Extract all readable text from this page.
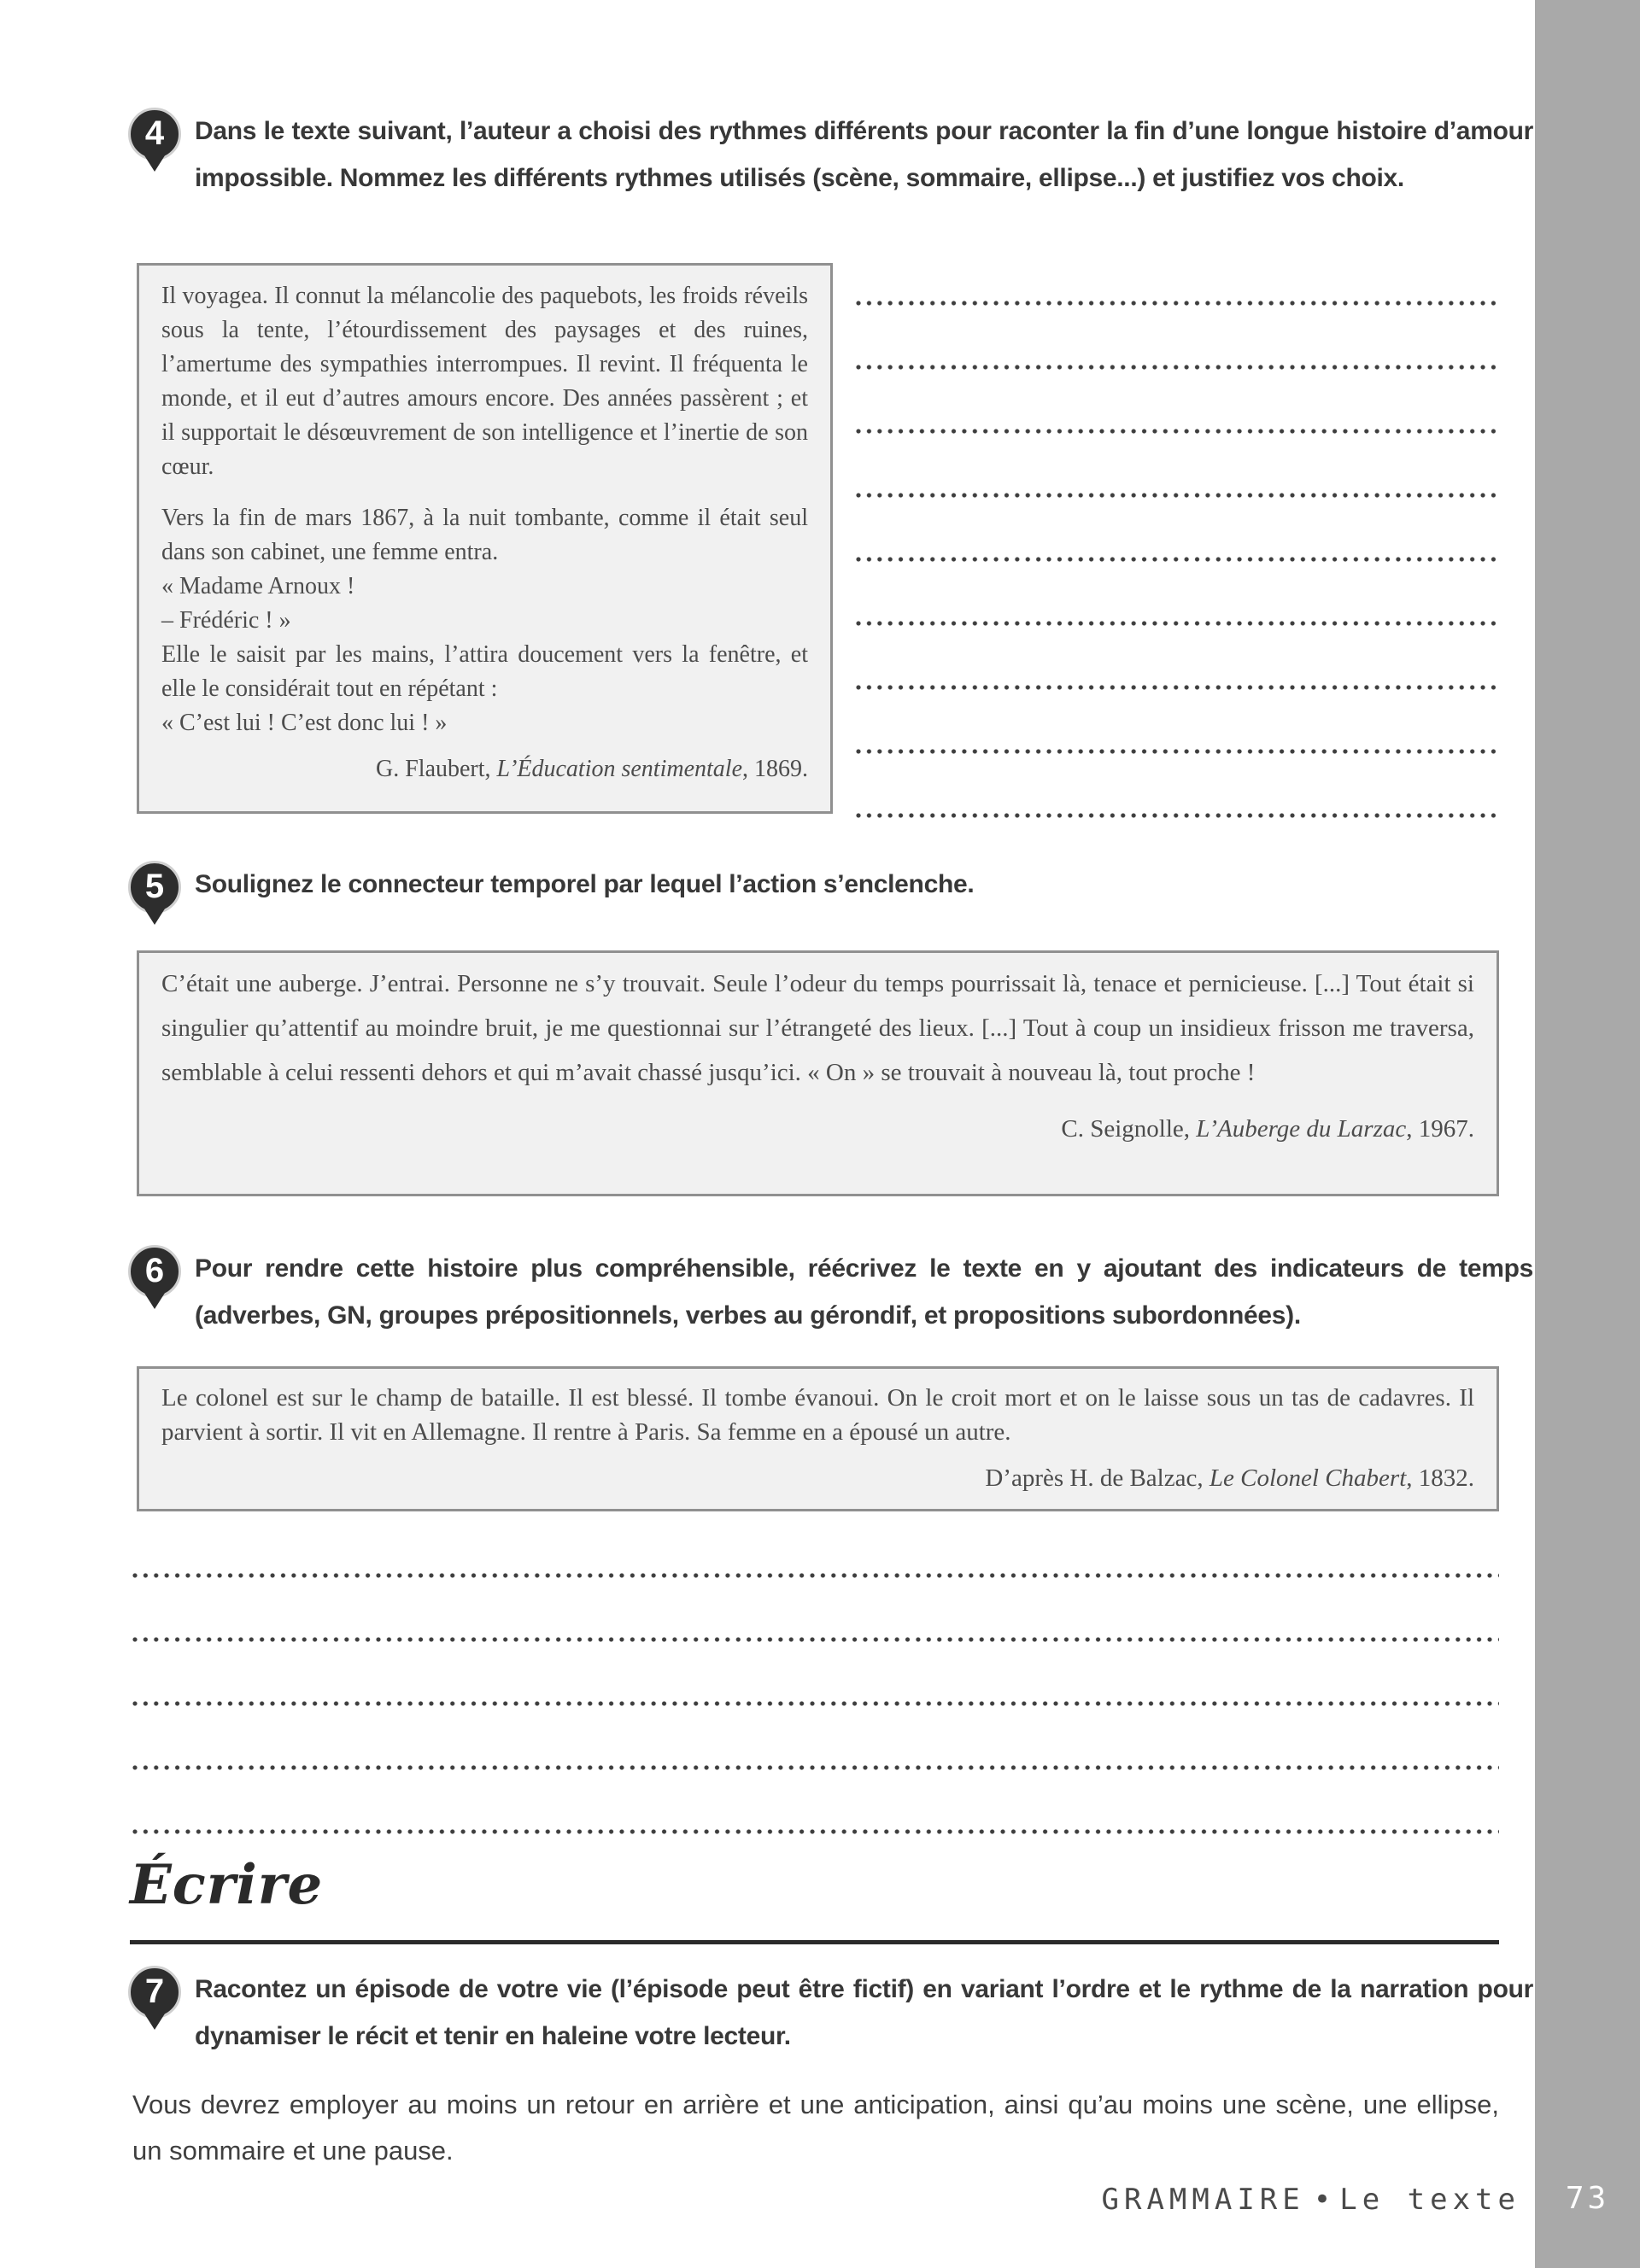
4	Dans le texte suivant, l’auteur a choisi des rythmes différents pour raconter la fin d’une longue histoire d’amour impossible. Nommez les différents rythmes utilisés (scène, sommaire, ellipse...) et justifiez vos choix.
Il voyagea. Il connut la mélancolie des paquebots, les froids réveils sous la tente, l’étourdissement des paysages et des ruines, l’amertume des sympathies interrompues. Il revint. Il fréquenta le monde, et il eut d’autres amours encore. Des années passèrent ; et il supportait le désœuvrement de son intelligence et l’inertie de son cœur.
Vers la fin de mars 1867, à la nuit tombante, comme il était seul dans son cabinet, une femme entra.
« Madame Arnoux !
– Frédéric ! »
Elle le saisit par les mains, l’attira doucement vers la fenêtre, et elle le considérait tout en répétant :
« C’est lui ! C’est donc lui ! »
G. Flaubert, L’Éducation sentimentale, 1869.
5	Soulignez le connecteur temporel par lequel l’action s’enclenche.
C’était une auberge. J’entrai. Personne ne s’y trouvait. Seule l’odeur du temps pourrissait là, tenace et pernicieuse. [...] Tout était si singulier qu’attentif au moindre bruit, je me questionnai sur l’étrangeté des lieux. [...] Tout à coup un insidieux frisson me traversa, semblable à celui ressenti dehors et qui m’avait chassé jusqu’ici. « On » se trouvait à nouveau là, tout proche !
C. Seignolle, L’Auberge du Larzac, 1967.
6	Pour rendre cette histoire plus compréhensible, réécrivez le texte en y ajoutant des indicateurs de temps (adverbes, GN, groupes prépositionnels, verbes au gérondif, et propositions subordonnées).
Le colonel est sur le champ de bataille. Il est blessé. Il tombe évanoui. On le croit mort et on le laisse sous un tas de cadavres. Il parvient à sortir. Il vit en Allemagne. Il rentre à Paris. Sa femme en a épousé un autre.
D’après H. de Balzac, Le Colonel Chabert, 1832.
Écrire
7	Racontez un épisode de votre vie (l’épisode peut être fictif) en variant l’ordre et le rythme de la narration pour dynamiser le récit et tenir en haleine votre lecteur.
Vous devrez employer au moins un retour en arrière et une anticipation, ainsi qu’au moins une scène, une ellipse, un sommaire et une pause.
GRAMMAIRE • Le texte	73
